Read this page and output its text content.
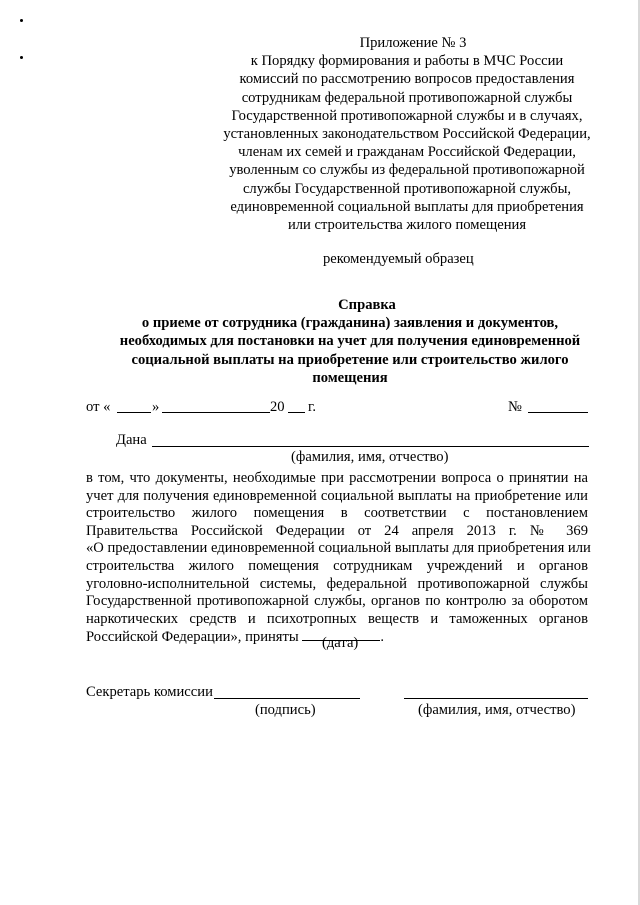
Приложение № 3
к Порядку формирования и работы в МЧС России
комиссий по рассмотрению вопросов предоставления
сотрудникам федеральной противопожарной службы
Государственной противопожарной службы и в случаях,
установленных законодательством Российской Федерации,
членам их семей и гражданам Российской Федерации,
уволенным со службы из федеральной противопожарной
службы Государственной противопожарной службы,
единовременной социальной выплаты для приобретения
или строительства жилого помещения
рекомендуемый образец
Справка
о приеме от сотрудника (гражданина) заявления и документов,
необходимых для постановки на учет для получения единовременной
социальной выплаты на приобретение или строительство жилого
помещения
от «	»	20 г.	№
Дана
(фамилия, имя, отчество)
в том, что документы, необходимые при рассмотрении вопроса о принятии на
учет для получения единовременной социальной выплаты на приобретение или
строительство жилого помещения в соответствии с постановлением
Правительства Российской Федерации от 24 апреля 2013 г. № 369
«О предоставлении единовременной социальной выплаты для приобретения или
строительства жилого помещения сотрудникам учреждений и органов
уголовно-исполнительной системы, федеральной противопожарной службы
Государственной противопожарной службы, органов по контролю за оборотом
наркотических средств и психотропных веществ и таможенных органов
Российской Федерации», приняты	.
(дата)
Секретарь комиссии
(подпись)	(фамилия, имя, отчество)
